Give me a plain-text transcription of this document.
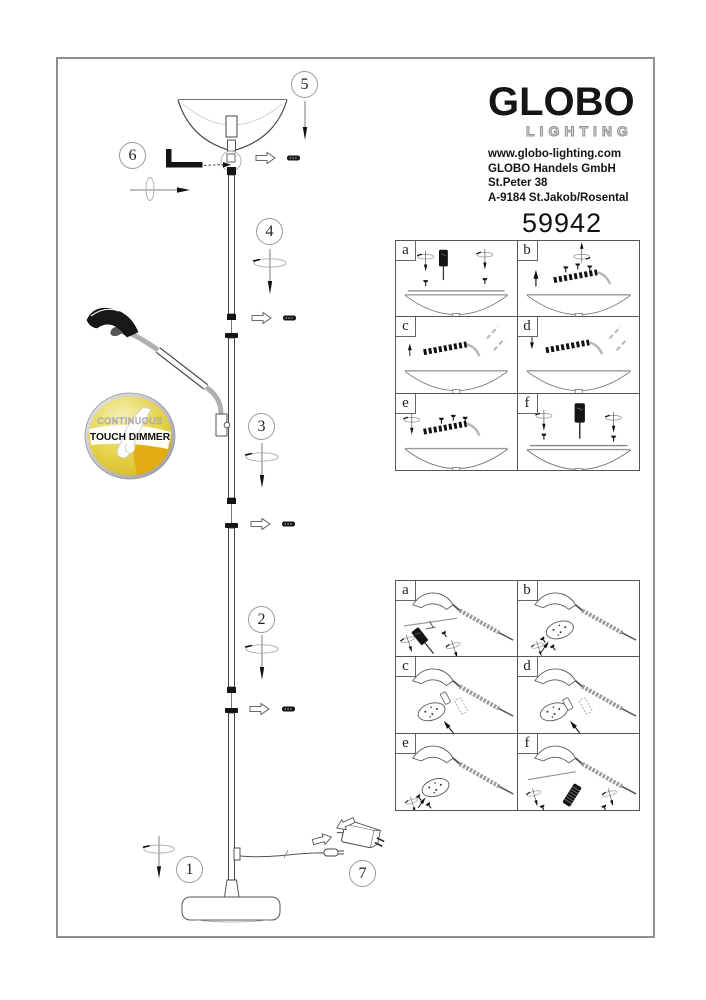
GLOBO
LIGHTING
www.globo-lighting.com
GLOBO Handels GmbH
St.Peter 38
A-9184 St.Jakob/Rosental
59942
5
6
4
3
2
1	7
CONTINUOUS
TOUCH DIMMER
a	b
c	d
e	f
a	b
c	d
e	f
